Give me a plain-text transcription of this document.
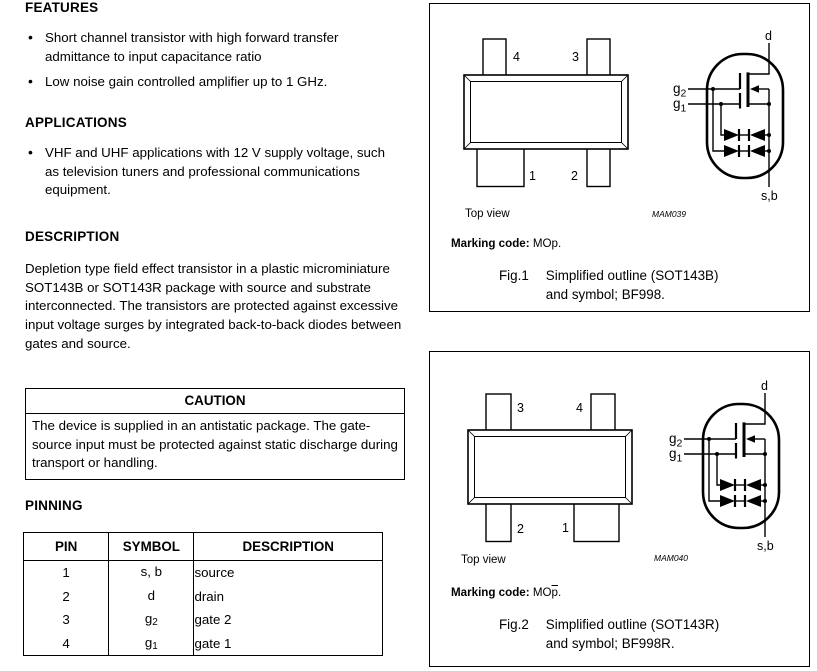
FEATURES
• Short channel transistor with high forward transfer admittance to input capacitance ratio
• Low noise gain controlled amplifier up to 1 GHz.
APPLICATIONS
• VHF and UHF applications with 12 V supply voltage, such as television tuners and professional communications equipment.
DESCRIPTION
Depletion type field effect transistor in a plastic microminiature SOT143B or SOT143R package with source and substrate interconnected. The transistors are protected against excessive input voltage surges by integrated back-to-back diodes between gates and source.
CAUTION
The device is supplied in an antistatic package. The gate-source input must be protected against static discharge during transport or handling.
PINNING
PIN	SYMBOL	DESCRIPTION
1	s, b	source
2	d	drain
3	$g_2$	gate 2
4	$g_1$	gate 1
4	3
1	2
Top view	MAM039
d
$g_2$
$g_1$
s,b
Marking code: MOp.
Fig.1 Simplified outline (SOT143B)
and symbol; BF998.
3	4
2	1
Top view	MAM040
d
$g_2$
$g_1$
s,b
Marking code: $MO\overline{p}$.
Fig.2 Simplified outline (SOT143R)
and symbol; BF998R.
